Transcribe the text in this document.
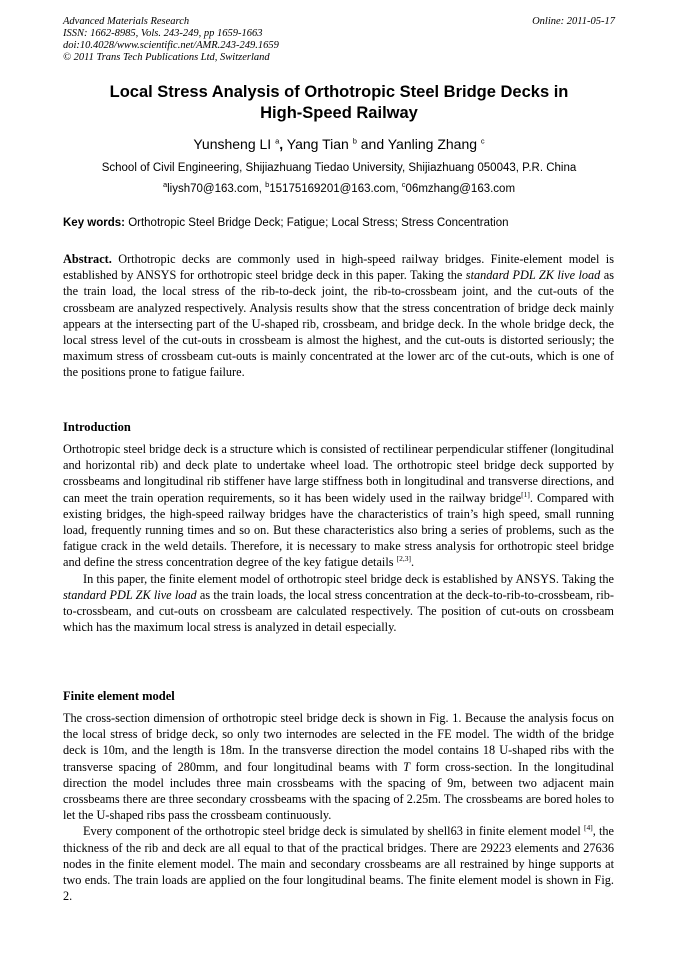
Advanced Materials Research
ISSN: 1662-8985, Vols. 243-249, pp 1659-1663
doi:10.4028/www.scientific.net/AMR.243-249.1659
© 2011 Trans Tech Publications Ltd, Switzerland
Online: 2011-05-17
Local Stress Analysis of Orthotropic Steel Bridge Decks in
High-Speed Railway
Yunsheng LI $^a$, Yang Tian $^b$ and Yanling Zhang $^c$
School of Civil Engineering, Shijiazhuang Tiedao University, Shijiazhuang 050043, P.R. China
$^a$liysh70@163.com, $^b$15175169201@163.com, $^c$06mzhang@163.com
Key words: Orthotropic Steel Bridge Deck; Fatigue; Local Stress; Stress Concentration

Abstract. Orthotropic decks are commonly used in high-speed railway bridges. Finite-element model is established by ANSYS for orthotropic steel bridge deck in this paper. Taking the standard PDL ZK live load as the train load, the local stress of the rib-to-deck joint, the rib-to-crossbeam joint, and the cut-outs of the crossbeam are analyzed respectively. Analysis results show that the stress concentration of bridge deck mainly appears at the intersecting part of the U-shaped rib, crossbeam, and bridge deck. In the whole bridge deck, the local stress level of the cut-outs in crossbeam is almost the highest, and the cut-outs is distorted seriously; the maximum stress of crossbeam cut-outs is mainly concentrated at the lower arc of the cut-outs, which is one of the positions prone to fatigue failure.

Introduction

Orthotropic steel bridge deck is a structure which is consisted of rectilinear perpendicular stiffener (longitudinal and horizontal rib) and deck plate to undertake wheel load. The orthotropic steel bridge deck supported by crossbeams and longitudinal rib stiffener have large stiffness both in longitudinal and transverse directions, and can meet the train operation requirements, so it has been widely used in the railway bridge[1]. Compared with existing bridges, the high-speed railway bridges have the characteristics of train’s high speed, small running load, frequently running times and so on. But these characteristics also bring a series of problems, such as the fatigue crack in the weld details. Therefore, it is necessary to make stress analysis for orthotropic steel bridge and define the stress concentration degree of the key fatigue details [2,3].

In this paper, the finite element model of orthotropic steel bridge deck is established by ANSYS. Taking the standard PDL ZK live load as the train loads, the local stress concentration at the deck-to-rib-to-crossbeam, rib-to-crossbeam, and cut-outs on crossbeam are calculated respectively. The position of cut-outs on crossbeam which has the maximum local stress is analyzed in detail especially.

Finite element model

The cross-section dimension of orthotropic steel bridge deck is shown in Fig. 1. Because the analysis focus on the local stress of bridge deck, so only two internodes are selected in the FE model. The width of the bridge deck is 10m, and the length is 18m. In the transverse direction the model contains 18 U-shaped ribs with the transverse spacing of 280mm, and four longitudinal beams with T form cross-section. In the longitudinal direction the model includes three main crossbeams with the spacing of 9m, between two adjacent main crossbeams there are three secondary crossbeams with the spacing of 2.25m. The crossbeams are bored holes to let the U-shaped ribs pass the crossbeam continuously.

Every component of the orthotropic steel bridge deck is simulated by shell63 in finite element model [4], the thickness of the rib and deck are all equal to that of the practical bridges. There are 29223 elements and 27636 nodes in the finite element model. The main and secondary crossbeams are all restrained by hinge supports at two ends. The train loads are applied on the four longitudinal beams. The finite element model is shown in Fig. 2.
